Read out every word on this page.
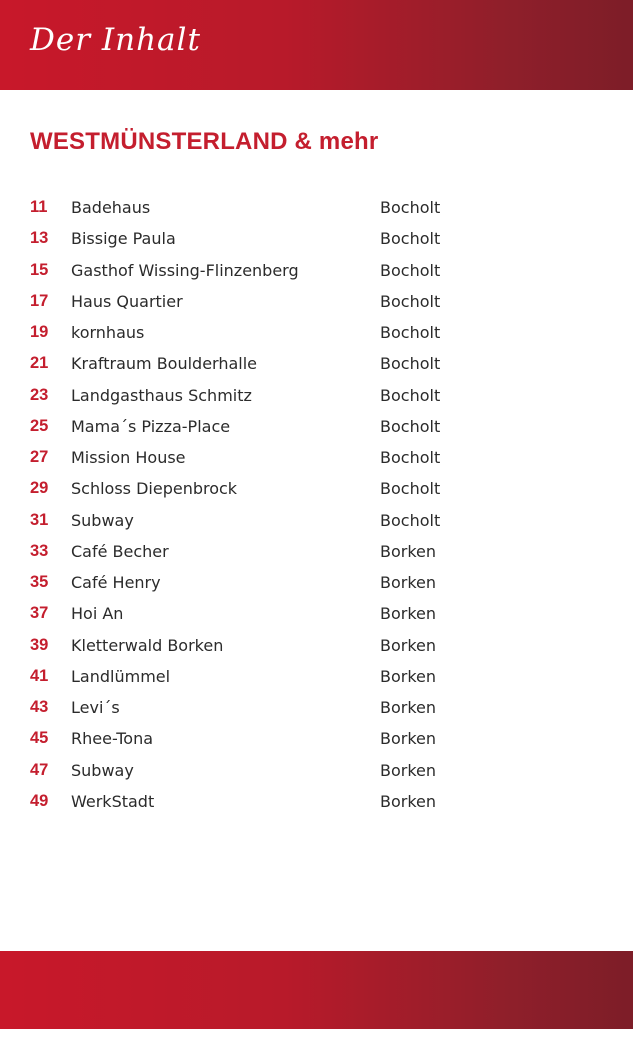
Der Inhalt
WESTMÜNSTERLAND & mehr
11	Badehaus	Bocholt
13	Bissige Paula	Bocholt
15	Gasthof Wissing-Flinzenberg	Bocholt
17	Haus Quartier	Bocholt
19	kornhaus	Bocholt
21	Kraftraum Boulderhalle	Bocholt
23	Landgasthaus Schmitz	Bocholt
25	Mama´s Pizza-Place	Bocholt
27	Mission House	Bocholt
29	Schloss Diepenbrock	Bocholt
31	Subway	Bocholt
33	Café Becher	Borken
35	Café Henry	Borken
37	Hoi An	Borken
39	Kletterwald Borken	Borken
41	Landlümmel	Borken
43	Levi´s	Borken
45	Rhee-Tona	Borken
47	Subway	Borken
49	WerkStadt	Borken
